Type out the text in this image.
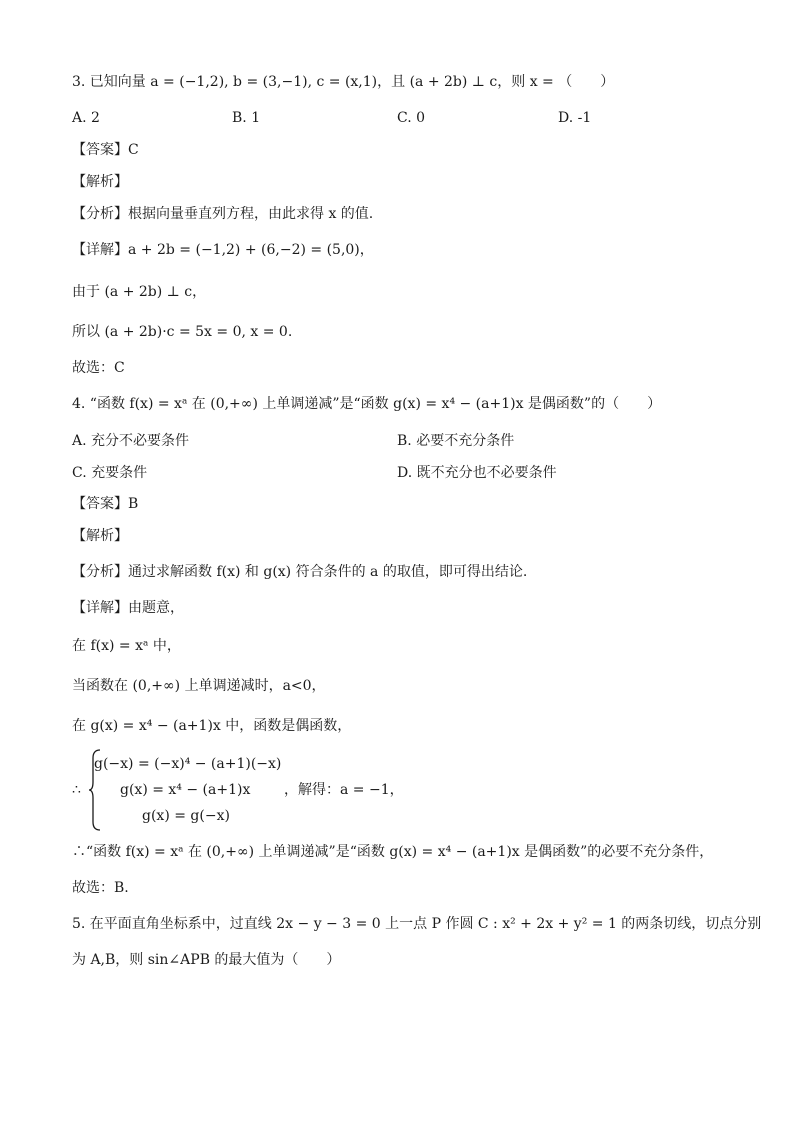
3. 已知向量 a = (−1,2), b = (3,−1), c = (x,1)，且 (a + 2b) ⊥ c，则 x = （　　）
A. 2	B. 1	C. 0	D. -1
【答案】C
【解析】
【分析】根据向量垂直列方程，由此求得 x 的值.
【详解】a + 2b = (−1,2) + (6,−2) = (5,0)，
由于 (a + 2b) ⊥ c，
所以 (a + 2b)·c = 5x = 0, x = 0.
故选：C
4. “函数 f(x) = xᵃ 在 (0,+∞) 上单调递减”是“函数 g(x) = x⁴ − (a+1)x 是偶函数”的（　　）
A. 充分不必要条件	B. 必要不充分条件
C. 充要条件	D. 既不充分也不必要条件
【答案】B
【解析】
【分析】通过求解函数 f(x) 和 g(x) 符合条件的 a 的取值，即可得出结论.
【详解】由题意，
在 f(x) = xᵃ 中，
当函数在 (0,+∞) 上单调递减时，a<0，
在 g(x) = x⁴ − (a+1)x 中，函数是偶函数，
∴
g(−x) = (−x)⁴ − (a+1)(−x)
g(x) = x⁴ − (a+1)x
g(x) = g(−x)
，解得：a = −1，
∴“函数 f(x) = xᵃ 在 (0,+∞) 上单调递减”是“函数 g(x) = x⁴ − (a+1)x 是偶函数”的必要不充分条件，
故选：B.
5. 在平面直角坐标系中，过直线 2x − y − 3 = 0 上一点 P 作圆 C : x² + 2x + y² = 1 的两条切线，切点分别
为 A,B，则 sin∠APB 的最大值为（　　）
